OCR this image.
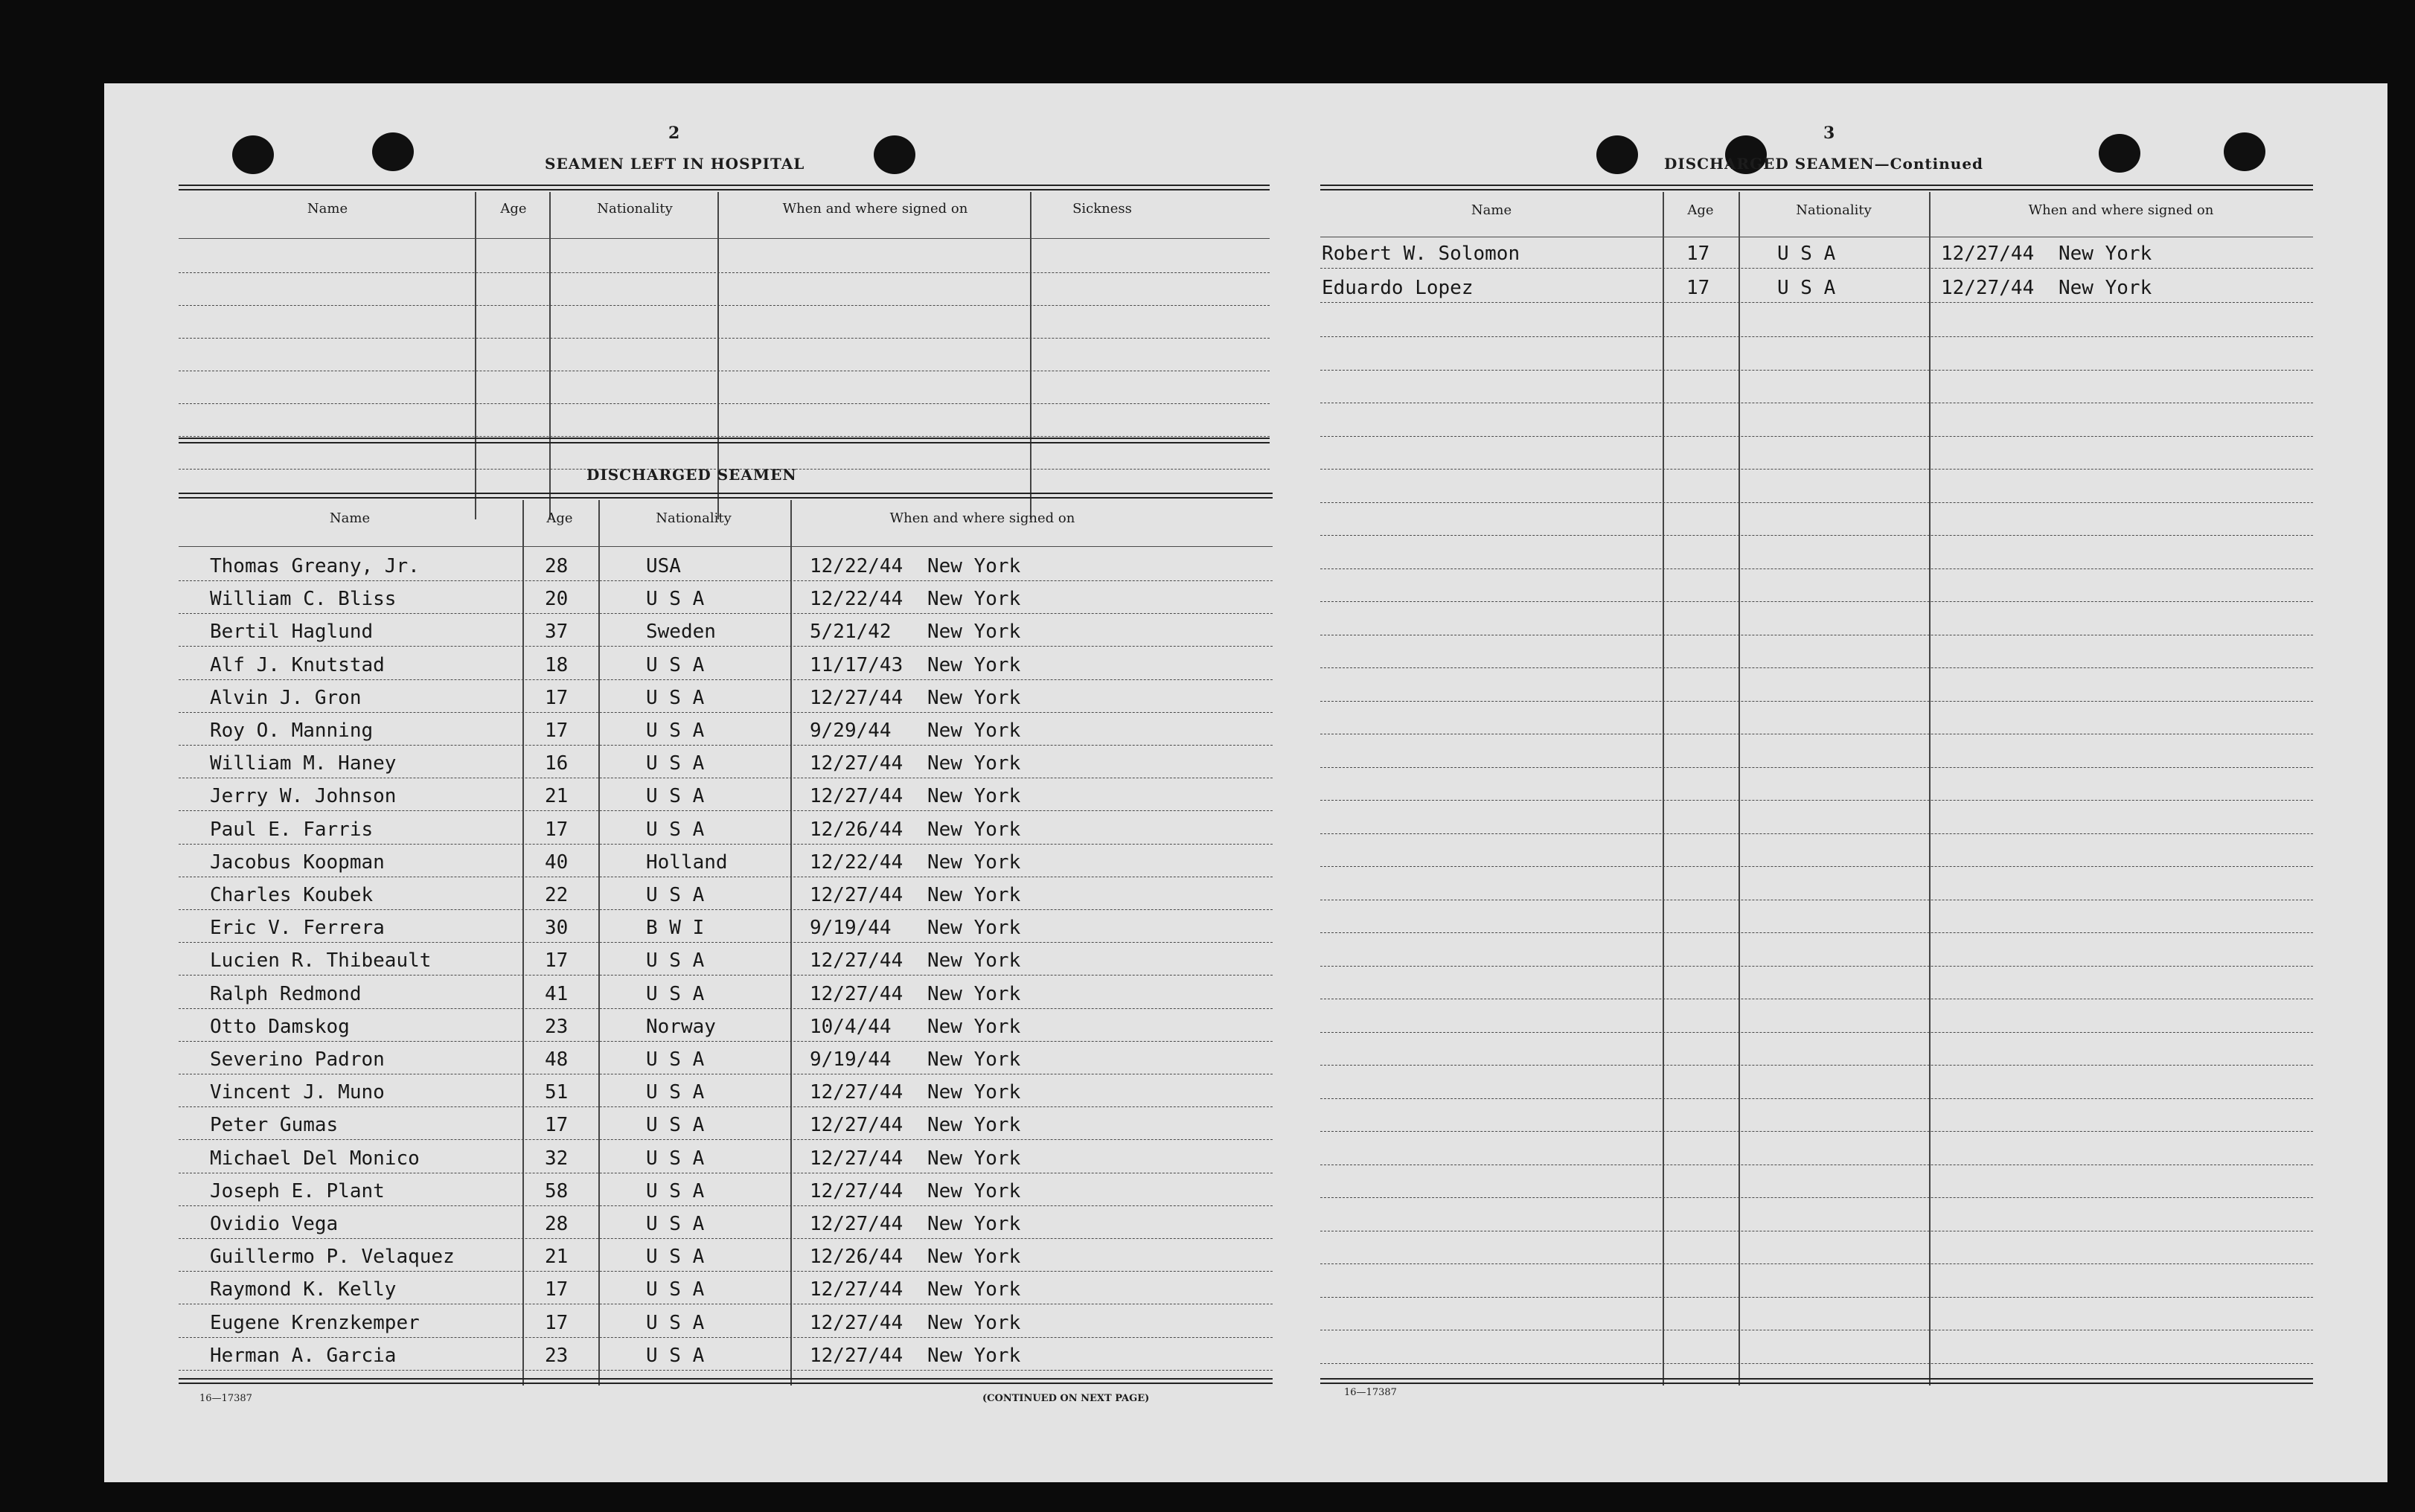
2
SEAMEN LEFT IN HOSPITAL
Name	Age	Nationality	When and where signed on	Sickness
DISCHARGED SEAMEN
Name	Age	Nationality	When and where signed on
Thomas Greany, Jr.	28	USA	12/22/44 New York
William C. Bliss	20	U S A	12/22/44 New York
Bertil Haglund	37	Sweden	5/21/42 New York
Alf J. Knutstad	18	U S A	11/17/43 New York
Alvin J. Gron	17	U S A	12/27/44 New York
Roy O. Manning	17	U S A	9/29/44 New York
William M. Haney	16	U S A	12/27/44 New York
Jerry W. Johnson	21	U S A	12/27/44 New York
Paul E. Farris	17	U S A	12/26/44 New York
Jacobus Koopman	40	Holland	12/22/44 New York
Charles Koubek	22	U S A	12/27/44 New York
Eric V. Ferrera	30	B W I	9/19/44 New York
Lucien R. Thibeault	17	U S A	12/27/44 New York
Ralph Redmond	41	U S A	12/27/44 New York
Otto Damskog	23	Norway	10/4/44 New York
Severino Padron	48	U S A	9/19/44 New York
Vincent J. Muno	51	U S A	12/27/44 New York
Peter Gumas	17	U S A	12/27/44 New York
Michael Del Monico	32	U S A	12/27/44 New York
Joseph E. Plant	58	U S A	12/27/44 New York
Ovidio Vega	28	U S A	12/27/44 New York
Guillermo P. Velaquez	21	U S A	12/26/44 New York
Raymond K. Kelly	17	U S A	12/27/44 New York
Eugene Krenzkemper	17	U S A	12/27/44 New York
Herman A. Garcia	23	U S A	12/27/44 New York
16—17387	(CONTINUED ON NEXT PAGE)
3
DISCHARGED SEAMEN—Continued
Name	Age	Nationality	When and where signed on
Robert W. Solomon	17	U S A	12/27/44 New York
Eduardo Lopez	17	U S A	12/27/44 New York
16—17387
